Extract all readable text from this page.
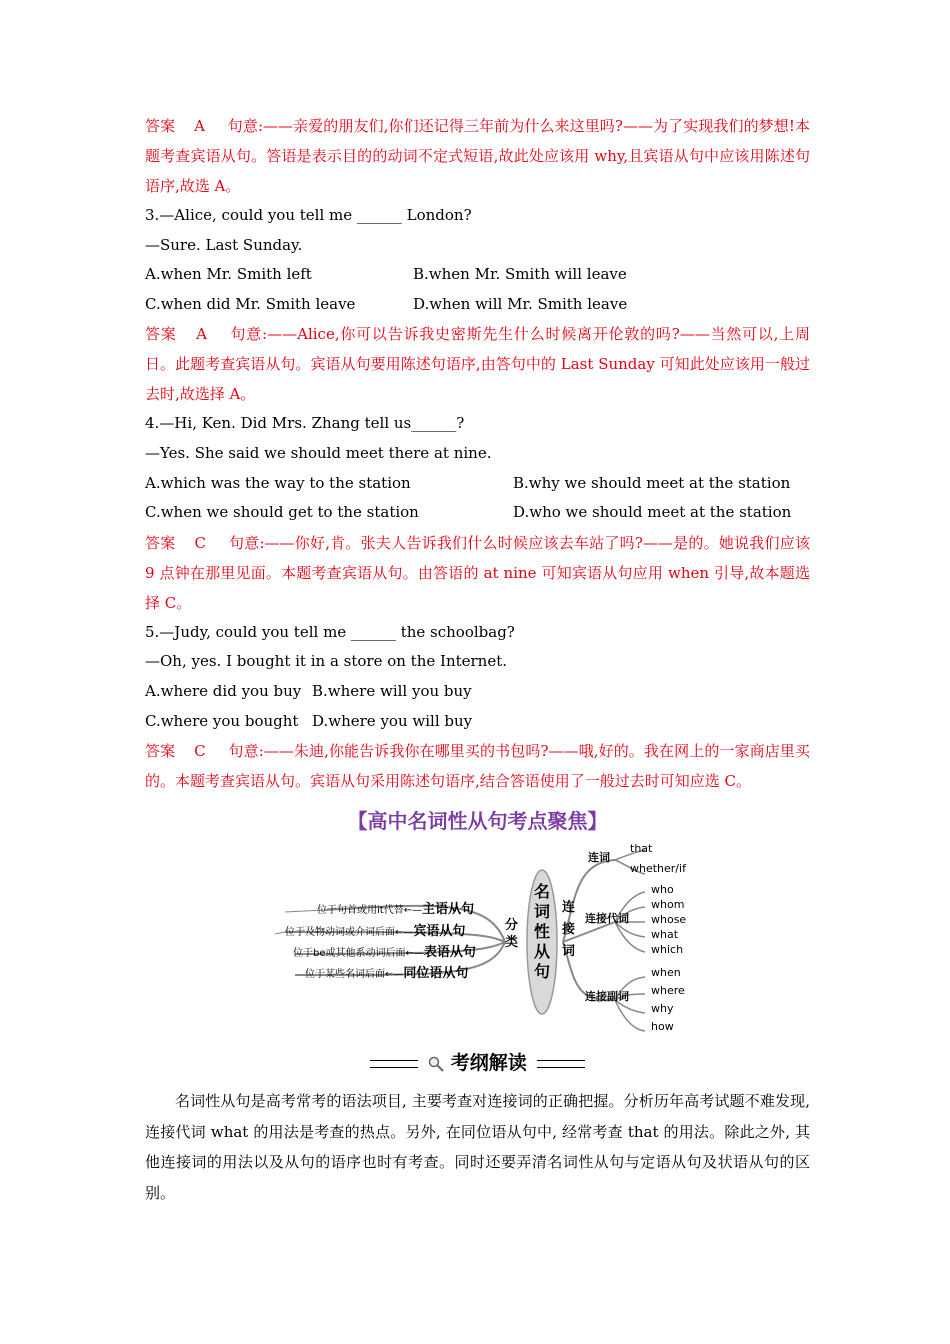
答案 A 句意:——亲爱的朋友们,你们还记得三年前为什么来这里吗?——为了实现我们的梦想!本题考查宾语从句。答语是表示目的的动词不定式短语,故此处应该用 why,且宾语从句中应该用陈述句语序,故选 A。
3.—Alice, could you tell me ______ London?
—Sure. Last Sunday.
A.when Mr. Smith left	B.when Mr. Smith will leave
C.when did Mr. Smith leave	D.when will Mr. Smith leave
答案 A 句意:——Alice,你可以告诉我史密斯先生什么时候离开伦敦的吗?——当然可以,上周日。此题考查宾语从句。宾语从句要用陈述句语序,由答句中的 Last Sunday 可知此处应该用一般过去时,故选择 A。
4.—Hi, Ken. Did Mrs. Zhang tell us______?
—Yes. She said we should meet there at nine.
A.which was the way to the station	B.why we should meet at the station
C.when we should get to the station	D.who we should meet at the station
答案 C 句意:——你好,肯。张夫人告诉我们什么时候应该去车站了吗?——是的。她说我们应该 9 点钟在那里见面。本题考查宾语从句。由答语的 at nine 可知宾语从句应用 when 引导,故本题选择 C。
5.—Judy, could you tell me ______ the schoolbag?
—Oh, yes. I bought it in a store on the Internet.
A.where did you buy B.where will you buy
C.where you bought D.where you will buy
答案 C 句意:——朱迪,你能告诉我你在哪里买的书包吗?——哦,好的。我在网上的一家商店里买的。本题考查宾语从句。宾语从句采用陈述句语序,结合答语使用了一般过去时可知应选 C。
【高中名词性从句考点聚焦】
名词性从句
分类
连接词
位于句首或用it代替←—主语从句
位于及物动词或介词后面←—宾语从句
位于be或其他系动词后面←—表语从句
位于某些名词后面←—同位语从句
连词
that
whether/if
连接代词
who
whom
whose
what
which
连接副词
when
where
why
how
考纲解读
名词性从句是高考常考的语法项目, 主要考查对连接词的正确把握。分析历年高考试题不难发现, 连接代词 what 的用法是考查的热点。另外, 在同位语从句中, 经常考查 that 的用法。除此之外, 其他连接词的用法以及从句的语序也时有考查。同时还要弄清名词性从句与定语从句及状语从句的区别。
